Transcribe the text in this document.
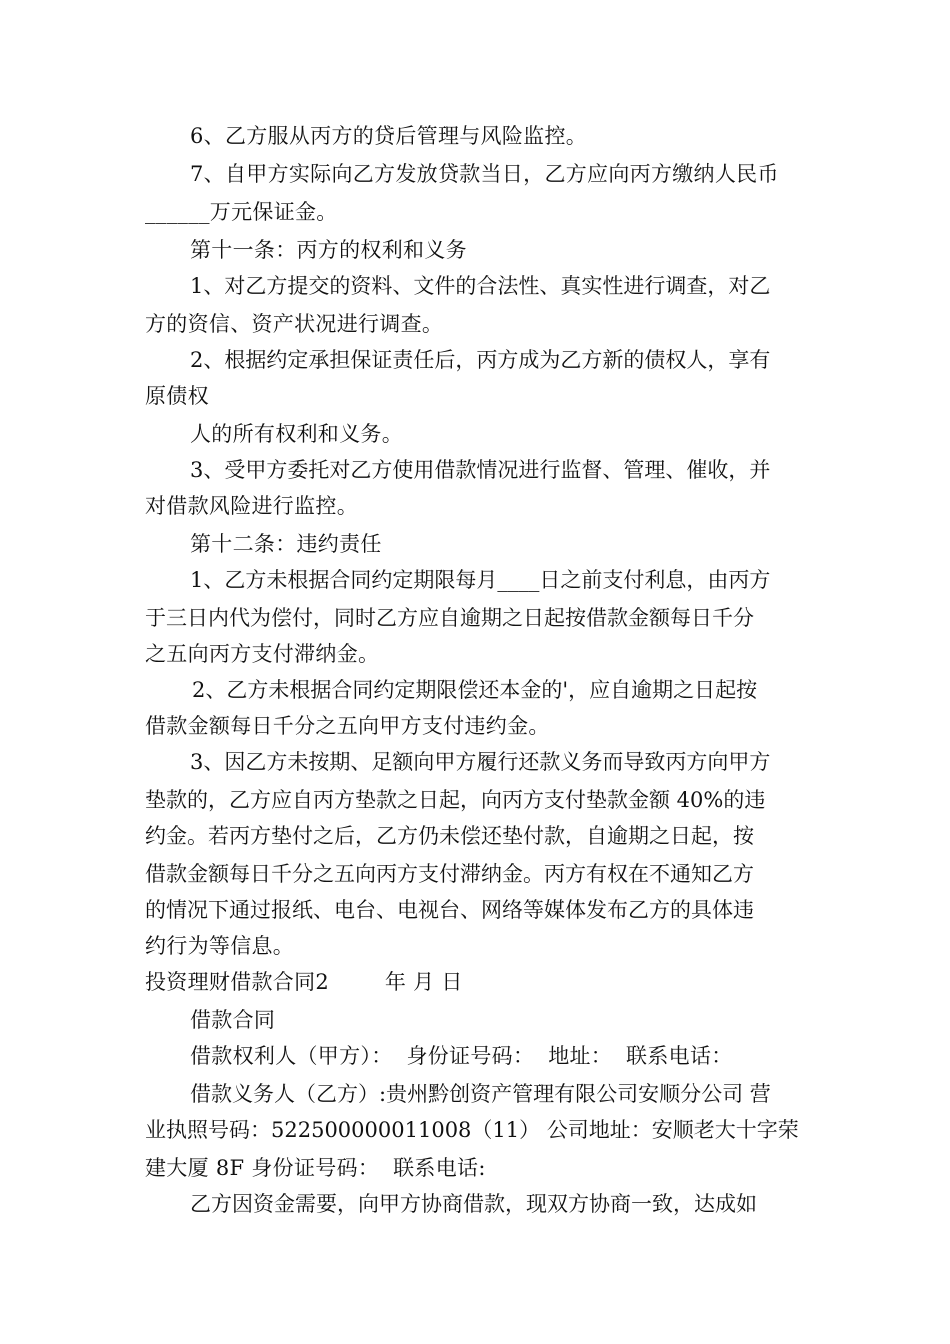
6、乙方服从丙方的贷后管理与风险监控。
7、自甲方实际向乙方发放贷款当日，乙方应向丙方缴纳人民币
______万元保证金。
第十一条：丙方的权利和义务
1、对乙方提交的资料、文件的合法性、真实性进行调查，对乙
方的资信、资产状况进行调查。
2、根据约定承担保证责任后，丙方成为乙方新的债权人，享有
原债权
人的所有权利和义务。
3、受甲方委托对乙方使用借款情况进行监督、管理、催收，并
对借款风险进行监控。
第十二条：违约责任
1、乙方未根据合同约定期限每月____日之前支付利息，由丙方
于三日内代为偿付，同时乙方应自逾期之日起按借款金额每日千分
之五向丙方支付滞纳金。
2、乙方未根据合同约定期限偿还本金的'，应自逾期之日起按
借款金额每日千分之五向甲方支付违约金。
3、因乙方未按期、足额向甲方履行还款义务而导致丙方向甲方
垫款的，乙方应自丙方垫款之日起，向丙方支付垫款金额 40%的违
约金。若丙方垫付之后，乙方仍未偿还垫付款，自逾期之日起，按
借款金额每日千分之五向丙方支付滞纳金。丙方有权在不通知乙方
的情况下通过报纸、电台、电视台、网络等媒体发布乙方的具体违
约行为等信息。
投资理财借款合同2        年 月 日
借款合同
借款权利人（甲方）：  身份证号码：  地址：  联系电话：
借款义务人（乙方）:贵州黔创资产管理有限公司安顺分公司 营
业执照号码：522500000011008（11） 公司地址：安顺老大十字荣
建大厦 8F 身份证号码：  联系电话:
乙方因资金需要，向甲方协商借款，现双方协商一致，达成如
